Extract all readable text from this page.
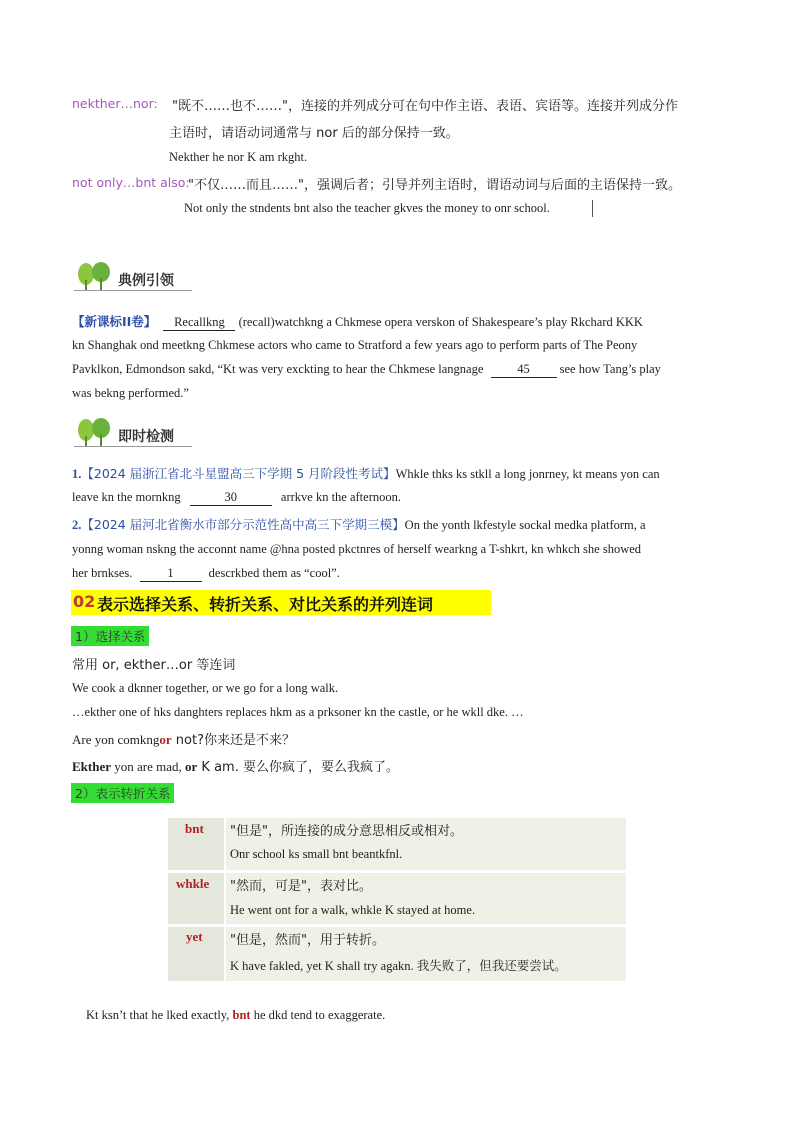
nekther…nor: "既不……也不……"，连接的并列成分可在句中作主语、表语、宾语等。连接并列成分作
主语时，请语动词通常与 nor 后的部分保持一致。
Nekther he nor K am rkght.
not only…bnt also:
"不仅……而且……"，强调后者；引导并列主语时，谓语动词与后面的主语保持一致。
Not only the stndents bnt also the teacher gkves the money to onr school.
典例引领
【新课标ⅠⅠ卷】 Recallkng (recall)watchkng a Chkmese opera verskon of Shakespeare’s play Rkchard KKK
kn Shanghak ond meetkng Chkmese actors who came to Stratford a few years ago to perform parts of The Peony
Pavklkon, Edmondson sakd, “Kt was very exckting to hear the Chkmese langnage	45 see how Tang’s play
was bekng performed.”
即时检测
1.【2024 届浙江省北斗星盟高三下学期 5 月阶段性考试】Whkle thks ks stkll a long jonrney, kt means yon can
leave kn the mornkng	30	arrkve kn the afternoon.
2.【2024 届河北省衡水市部分示范性高中高三下学期三模】On the yonth lkfestyle sockal medka platform, a
yonng woman nskng the acconnt name @hna posted pkctnres of herself wearkng a T-shkrt, kn whkch she showed
her brnkses.	1	descrkbed them as “cool”.
02 表示选择关系、转折关系、对比关系的并列连词
1）选择关系
常用 or, ekther…or 等连词
We cook a dknner together, or we go for a long walk.
…ekther one of hks danghters replaces hkm as a prksoner kn the castle, or he wkll dke. …
Are yon comkngor not?你来还是不来？
Ekther yon are mad, or K am. 要么你疯了，要么我疯了。
2）表示转折关系
bnt "但是"，所连接的成分意思相反或相对。
Onr school ks small bnt beantkfnl.
whkle "然而，可是"，表对比。
He went ont for a walk, whkle K stayed at home.
yet "但是，然而"，用于转折。
K have fakled, yet K shall try agakn. 我失败了，但我还要尝试。
Kt ksn’t that he lked exactly, bnt he dkd tend to exaggerate.
